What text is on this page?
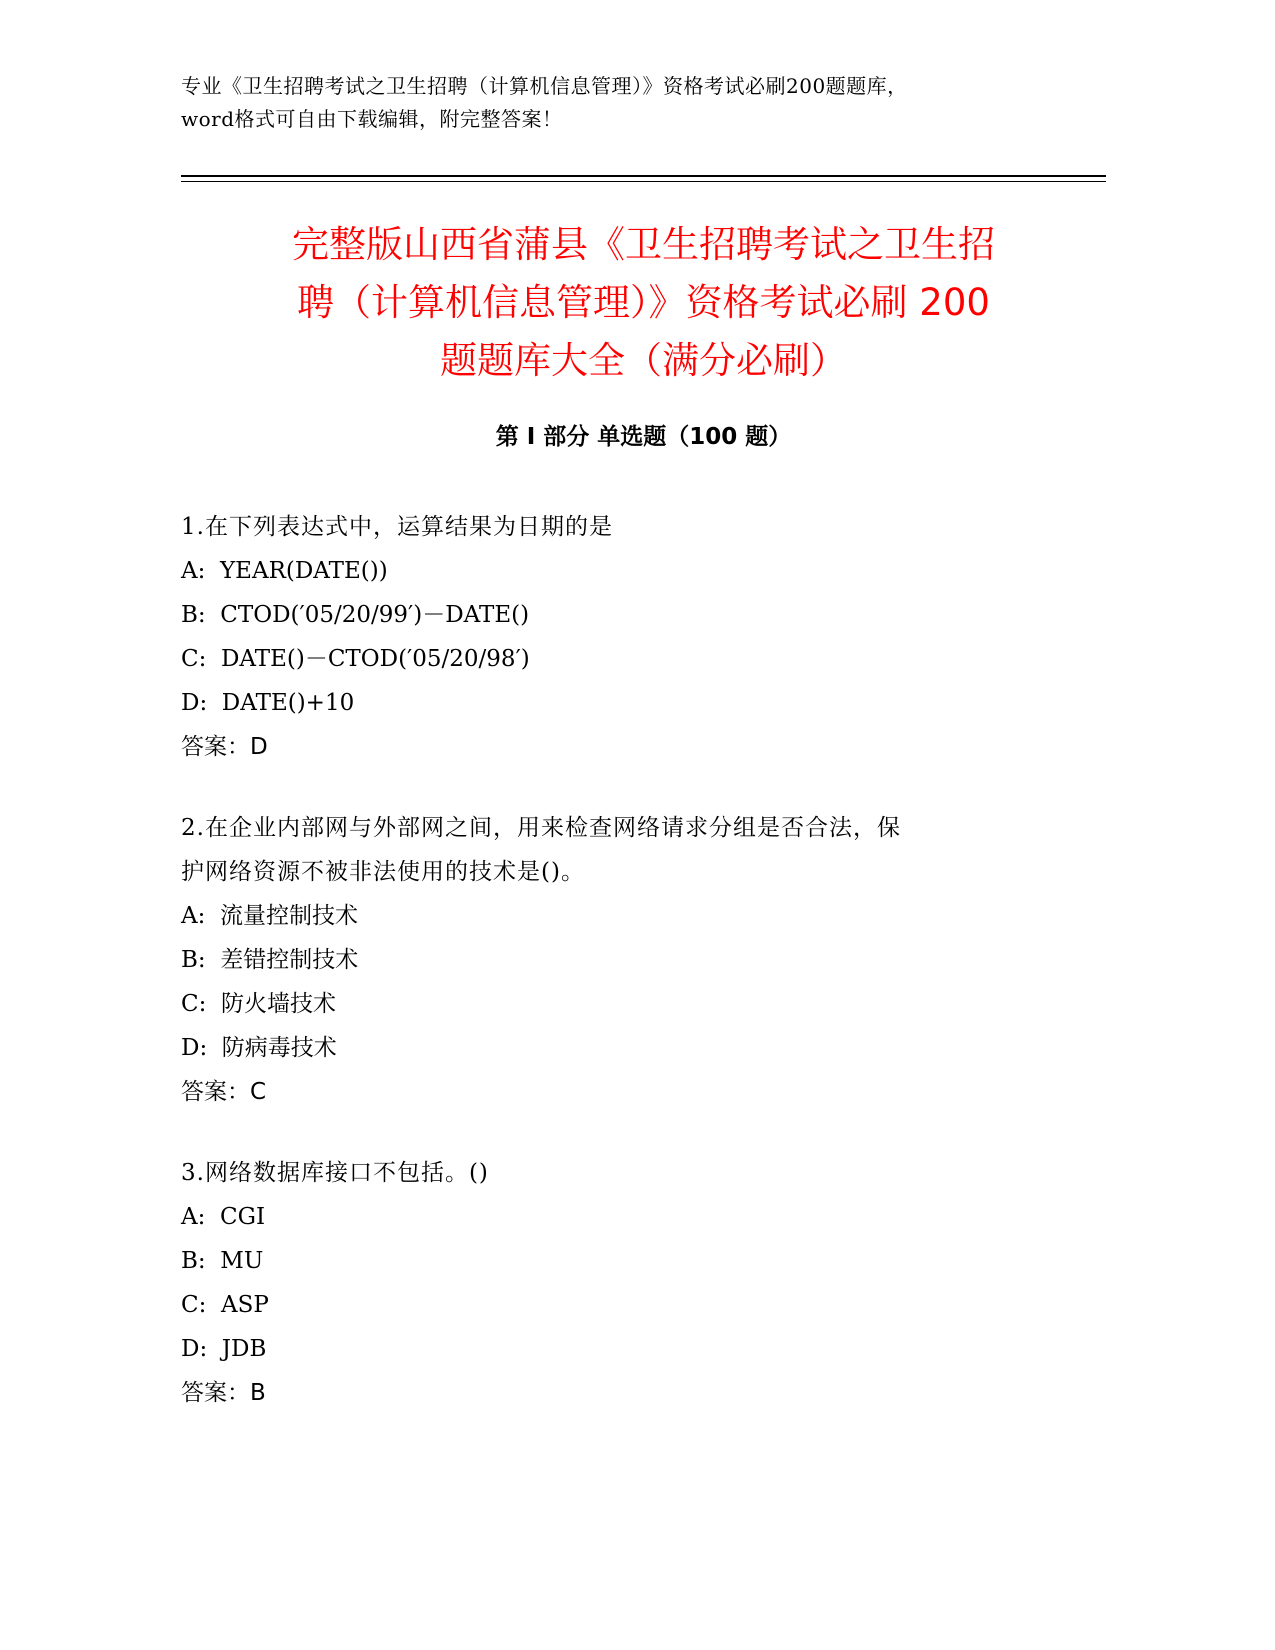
专业《卫生招聘考试之卫生招聘（计算机信息管理）》资格考试必刷200题题库，
word格式可自由下载编辑，附完整答案！
完整版山西省蒲县《卫生招聘考试之卫生招
聘（计算机信息管理）》资格考试必刷 200
题题库大全（满分必刷）
第 I 部分 单选题（100 题）
1.在下列表达式中，运算结果为日期的是
A:  YEAR(DATE())
B:  CTOD(′05/20/99′)－DATE()
C:  DATE()－CTOD(′05/20/98′)
D:  DATE()+10
答案：D
2.在企业内部网与外部网之间，用来检查网络请求分组是否合法，保
护网络资源不被非法使用的技术是()。
A:  流量控制技术
B:  差错控制技术
C:  防火墙技术
D:  防病毒技术
答案：C
3.网络数据库接口不包括。()
A:  CGI
B:  MU
C:  ASP
D:  JDB
答案：B
